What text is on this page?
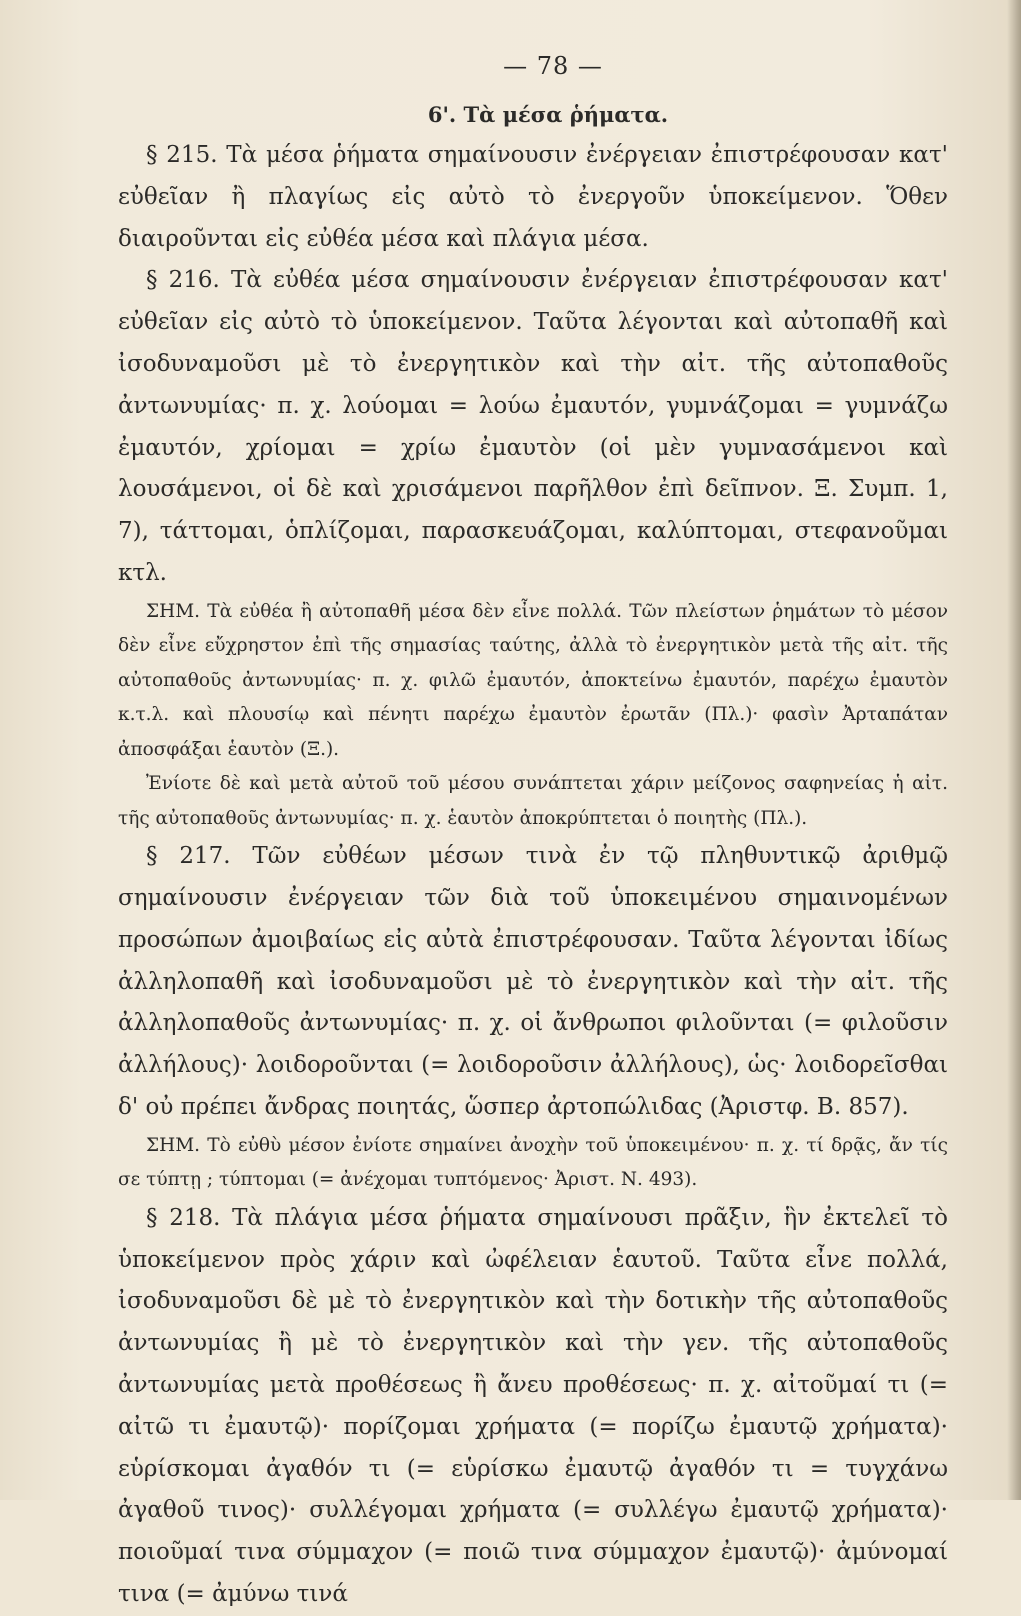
— 78 —
6'. Τὰ μέσα ῥήματα.

§ 215. Τὰ μέσα ῥήματα σημαίνουσιν ἐνέργειαν ἐπιστρέφουσαν κατ' εὐθεῖαν ἢ πλαγίως εἰς αὐτὸ τὸ ἐνεργοῦν ὑποκείμενον. Ὅθεν διαιροῦνται εἰς εὐθέα μέσα καὶ πλάγια μέσα.

§ 216. Τὰ εὐθέα μέσα σημαίνουσιν ἐνέργειαν ἐπιστρέφουσαν κατ' εὐθεῖαν εἰς αὐτὸ τὸ ὑποκείμενον. Ταῦτα λέγονται καὶ αὐτοπαθῆ καὶ ἰσοδυναμοῦσι μὲ τὸ ἐνεργητικὸν καὶ τὴν αἰτ. τῆς αὐτοπαθοῦς ἀντωνυμίας· π. χ. λούομαι = λούω ἐμαυτόν, γυμνάζομαι = γυμνάζω ἐμαυτόν, χρίομαι = χρίω ἐμαυτὸν (οἱ μὲν γυμνασάμενοι καὶ λουσάμενοι, οἱ δὲ καὶ χρισάμενοι παρῆλθον ἐπὶ δεῖπνον. Ξ. Συμπ. 1, 7), τάττομαι, ὁπλίζομαι, παρασκευάζομαι, καλύπτομαι, στεφανοῦμαι κτλ.

ΣΗΜ. Τὰ εὐθέα ἢ αὐτοπαθῆ μέσα δὲν εἶνε πολλά. Τῶν πλείστων ῥημάτων τὸ μέσον δὲν εἶνε εὔχρηστον ἐπὶ τῆς σημασίας ταύτης, ἀλλὰ τὸ ἐνεργητικὸν μετὰ τῆς αἰτ. τῆς αὐτοπαθοῦς ἀντωνυμίας· π. χ. φιλῶ ἐμαυτόν, ἀποκτείνω ἐμαυτόν, παρέχω ἐμαυτὸν κ.τ.λ. καὶ πλουσίῳ καὶ πένητι παρέχω ἐμαυτὸν ἐρωτᾶν (Πλ.)· φασὶν Ἀρταπάταν ἀποσφάξαι ἑαυτὸν (Ξ.).

Ἐνίοτε δὲ καὶ μετὰ αὐτοῦ τοῦ μέσου συνάπτεται χάριν μείζονος σαφηνείας ἡ αἰτ. τῆς αὐτοπαθοῦς ἀντωνυμίας· π. χ. ἑαυτὸν ἀποκρύπτεται ὁ ποιητὴς (Πλ.).

§ 217. Τῶν εὐθέων μέσων τινὰ ἐν τῷ πληθυντικῷ ἀριθμῷ σημαίνουσιν ἐνέργειαν τῶν διὰ τοῦ ὑποκειμένου σημαινομένων προσώπων ἀμοιβαίως εἰς αὐτὰ ἐπιστρέφουσαν. Ταῦτα λέγονται ἰδίως ἀλληλοπαθῆ καὶ ἰσοδυναμοῦσι μὲ τὸ ἐνεργητικὸν καὶ τὴν αἰτ. τῆς ἀλληλοπαθοῦς ἀντωνυμίας· π. χ. οἱ ἄνθρωποι φιλοῦνται (= φιλοῦσιν ἀλλήλους)· λοιδοροῦνται (= λοιδοροῦσιν ἀλλήλους), ὡς· λοιδορεῖσθαι δ' οὐ πρέπει ἄνδρας ποιητάς, ὥσπερ ἀρτοπώλιδας (Ἀριστφ. Β. 857).

ΣΗΜ. Τὸ εὐθὺ μέσον ἐνίοτε σημαίνει ἀνοχὴν τοῦ ὑποκειμένου· π. χ. τί δρᾷς, ἄν τίς σε τύπτῃ ; τύπτομαι (= ἀνέχομαι τυπτόμενος· Ἀριστ. Ν. 493).

§ 218. Τὰ πλάγια μέσα ῥήματα σημαίνουσι πρᾶξιν, ἣν ἐκτελεῖ τὸ ὑποκείμενον πρὸς χάριν καὶ ὠφέλειαν ἑαυτοῦ. Ταῦτα εἶνε πολλά, ἰσοδυναμοῦσι δὲ μὲ τὸ ἐνεργητικὸν καὶ τὴν δοτικὴν τῆς αὐτοπαθοῦς ἀντωνυμίας ἢ μὲ τὸ ἐνεργητικὸν καὶ τὴν γεν. τῆς αὐτοπαθοῦς ἀντωνυμίας μετὰ προθέσεως ἢ ἄνευ προθέσεως· π. χ. αἰτοῦμαί τι (= αἰτῶ τι ἐμαυτῷ)· πορίζομαι χρήματα (= πορίζω ἐμαυτῷ χρήματα)· εὑρίσκομαι ἀγαθόν τι (= εὑρίσκω ἐμαυτῷ ἀγαθόν τι = τυγχάνω ἀγαθοῦ τινος)· συλλέγομαι χρήματα (= συλλέγω ἐμαυτῷ χρήματα)· ποιοῦμαί τινα σύμμαχον (= ποιῶ τινα σύμμαχον ἐμαυτῷ)· ἀμύνομαί τινα (= ἀμύνω τινά
